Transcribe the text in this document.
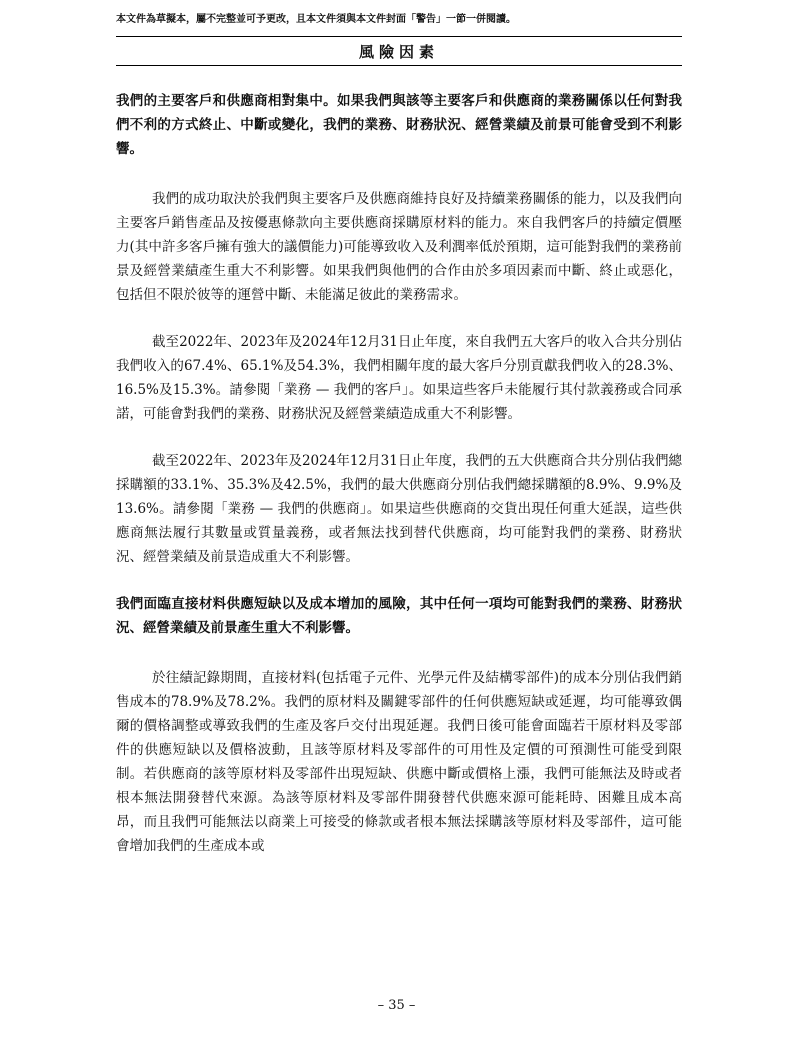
本文件為草擬本，屬不完整並可予更改，且本文件須與本文件封面「警告」一節一併閱讀。
風險因素

我們的主要客戶和供應商相對集中。如果我們與該等主要客戶和供應商的業務關係以任何對我們不利的方式終止、中斷或變化，我們的業務、財務狀況、經營業績及前景可能會受到不利影響。

我們的成功取決於我們與主要客戶及供應商維持良好及持續業務關係的能力，以及我們向主要客戶銷售產品及按優惠條款向主要供應商採購原材料的能力。來自我們客戶的持續定價壓力(其中許多客戶擁有強大的議價能力)可能導致收入及利潤率低於預期，這可能對我們的業務前景及經營業績產生重大不利影響。如果我們與他們的合作由於多項因素而中斷、終止或惡化，包括但不限於彼等的運營中斷、未能滿足彼此的業務需求。

截至2022年、2023年及2024年12月31日止年度，來自我們五大客戶的收入合共分別佔我們收入的67.4%、65.1%及54.3%，我們相關年度的最大客戶分別貢獻我們收入的28.3%、16.5%及15.3%。請參閱「業務 — 我們的客戶」。如果這些客戶未能履行其付款義務或合同承諾，可能會對我們的業務、財務狀況及經營業績造成重大不利影響。

截至2022年、2023年及2024年12月31日止年度，我們的五大供應商合共分別佔我們總採購額的33.1%、35.3%及42.5%，我們的最大供應商分別佔我們總採購額的8.9%、9.9%及13.6%。請參閱「業務 — 我們的供應商」。如果這些供應商的交貨出現任何重大延誤，這些供應商無法履行其數量或質量義務，或者無法找到替代供應商，均可能對我們的業務、財務狀況、經營業績及前景造成重大不利影響。

我們面臨直接材料供應短缺以及成本增加的風險，其中任何一項均可能對我們的業務、財務狀況、經營業績及前景產生重大不利影響。

於往績記錄期間，直接材料(包括電子元件、光學元件及結構零部件)的成本分別佔我們銷售成本的78.9%及78.2%。我們的原材料及關鍵零部件的任何供應短缺或延遲，均可能導致偶爾的價格調整或導致我們的生產及客戶交付出現延遲。我們日後可能會面臨若干原材料及零部件的供應短缺以及價格波動，且該等原材料及零部件的可用性及定價的可預測性可能受到限制。若供應商的該等原材料及零部件出現短缺、供應中斷或價格上漲，我們可能無法及時或者根本無法開發替代來源。為該等原材料及零部件開發替代供應來源可能耗時、困難且成本高昂，而且我們可能無法以商業上可接受的條款或者根本無法採購該等原材料及零部件，這可能會增加我們的生產成本或

– 35 –
